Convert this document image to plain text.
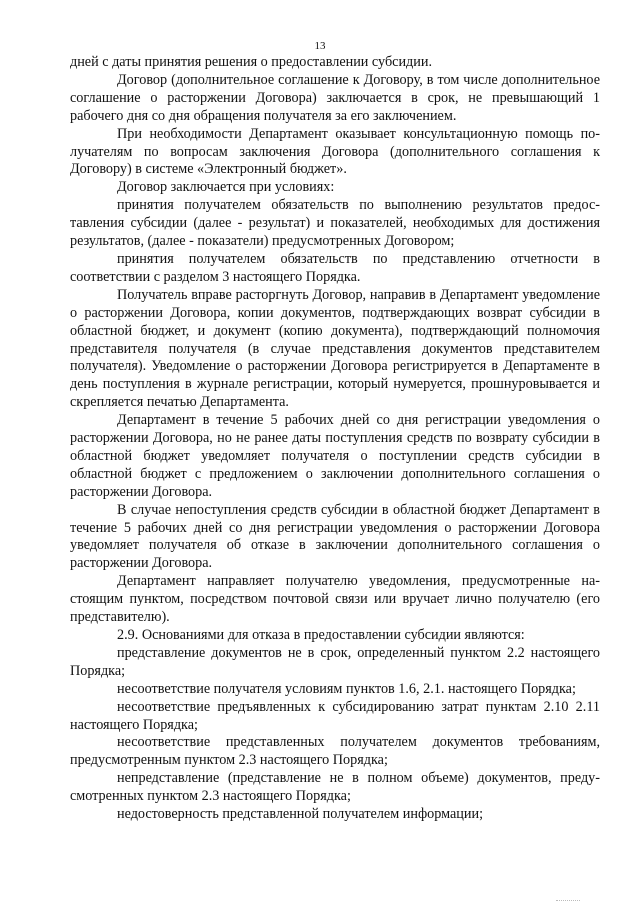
13

дней с даты принятия решения о предоставлении субсидии.

Договор (дополнительное соглашение к Договору, в том числе дополнительное соглашение о расторжении Договора) заключается в срок, не превышающий 1 рабочего дня со дня обращения получателя за его заключением.

При необходимости Департамент оказывает консультационную помощь получателям по вопросам заключения Договора (дополнительного соглашения к Договору) в системе «Электронный бюджет».

Договор заключается при условиях:

принятия получателем обязательств по выполнению результатов предоставления субсидии (далее - результат) и показателей, необходимых для достижения результатов, (далее - показатели) предусмотренных Договором;

принятия получателем обязательств по представлению отчетности в соответствии с разделом 3 настоящего Порядка.

Получатель вправе расторгнуть Договор, направив в Департамент уведомление о расторжении Договора, копии документов, подтверждающих возврат субсидии в областной бюджет, и документ (копию документа), подтверждающий полномочия представителя получателя (в случае представления документов представителем получателя). Уведомление о расторжении Договора регистрируется в Департаменте в день поступления в журнале регистрации, который нумеруется, прошнуровывается и скрепляется печатью Департамента.

Департамент в течение 5 рабочих дней со дня регистрации уведомления о расторжении Договора, но не ранее даты поступления средств по возврату субсидии в областной бюджет уведомляет получателя о поступлении средств субсидии в областной бюджет с предложением о заключении дополнительного соглашения о расторжении Договора.

В случае непоступления средств субсидии в областной бюджет Департамент в течение 5 рабочих дней со дня регистрации уведомления о расторжении Договора уведомляет получателя об отказе в заключении дополнительного соглашения о расторжении Договора.

Департамент направляет получателю уведомления, предусмотренные настоящим пунктом, посредством почтовой связи или вручает лично получателю (его представителю).

2.9. Основаниями для отказа в предоставлении субсидии являются:

представление документов не в срок, определенный пунктом 2.2 настоящего Порядка;

несоответствие получателя условиям пунктов 1.6, 2.1. настоящего Порядка;

несоответствие предъявленных к субсидированию затрат пунктам 2.10 2.11 настоящего Порядка;

несоответствие представленных получателем документов требованиям, предусмотренным пунктом 2.3 настоящего Порядка;

непредставление (представление не в полном объеме) документов, предусмотренных пунктом 2.3 настоящего Порядка;

недостоверность представленной получателем информации;
